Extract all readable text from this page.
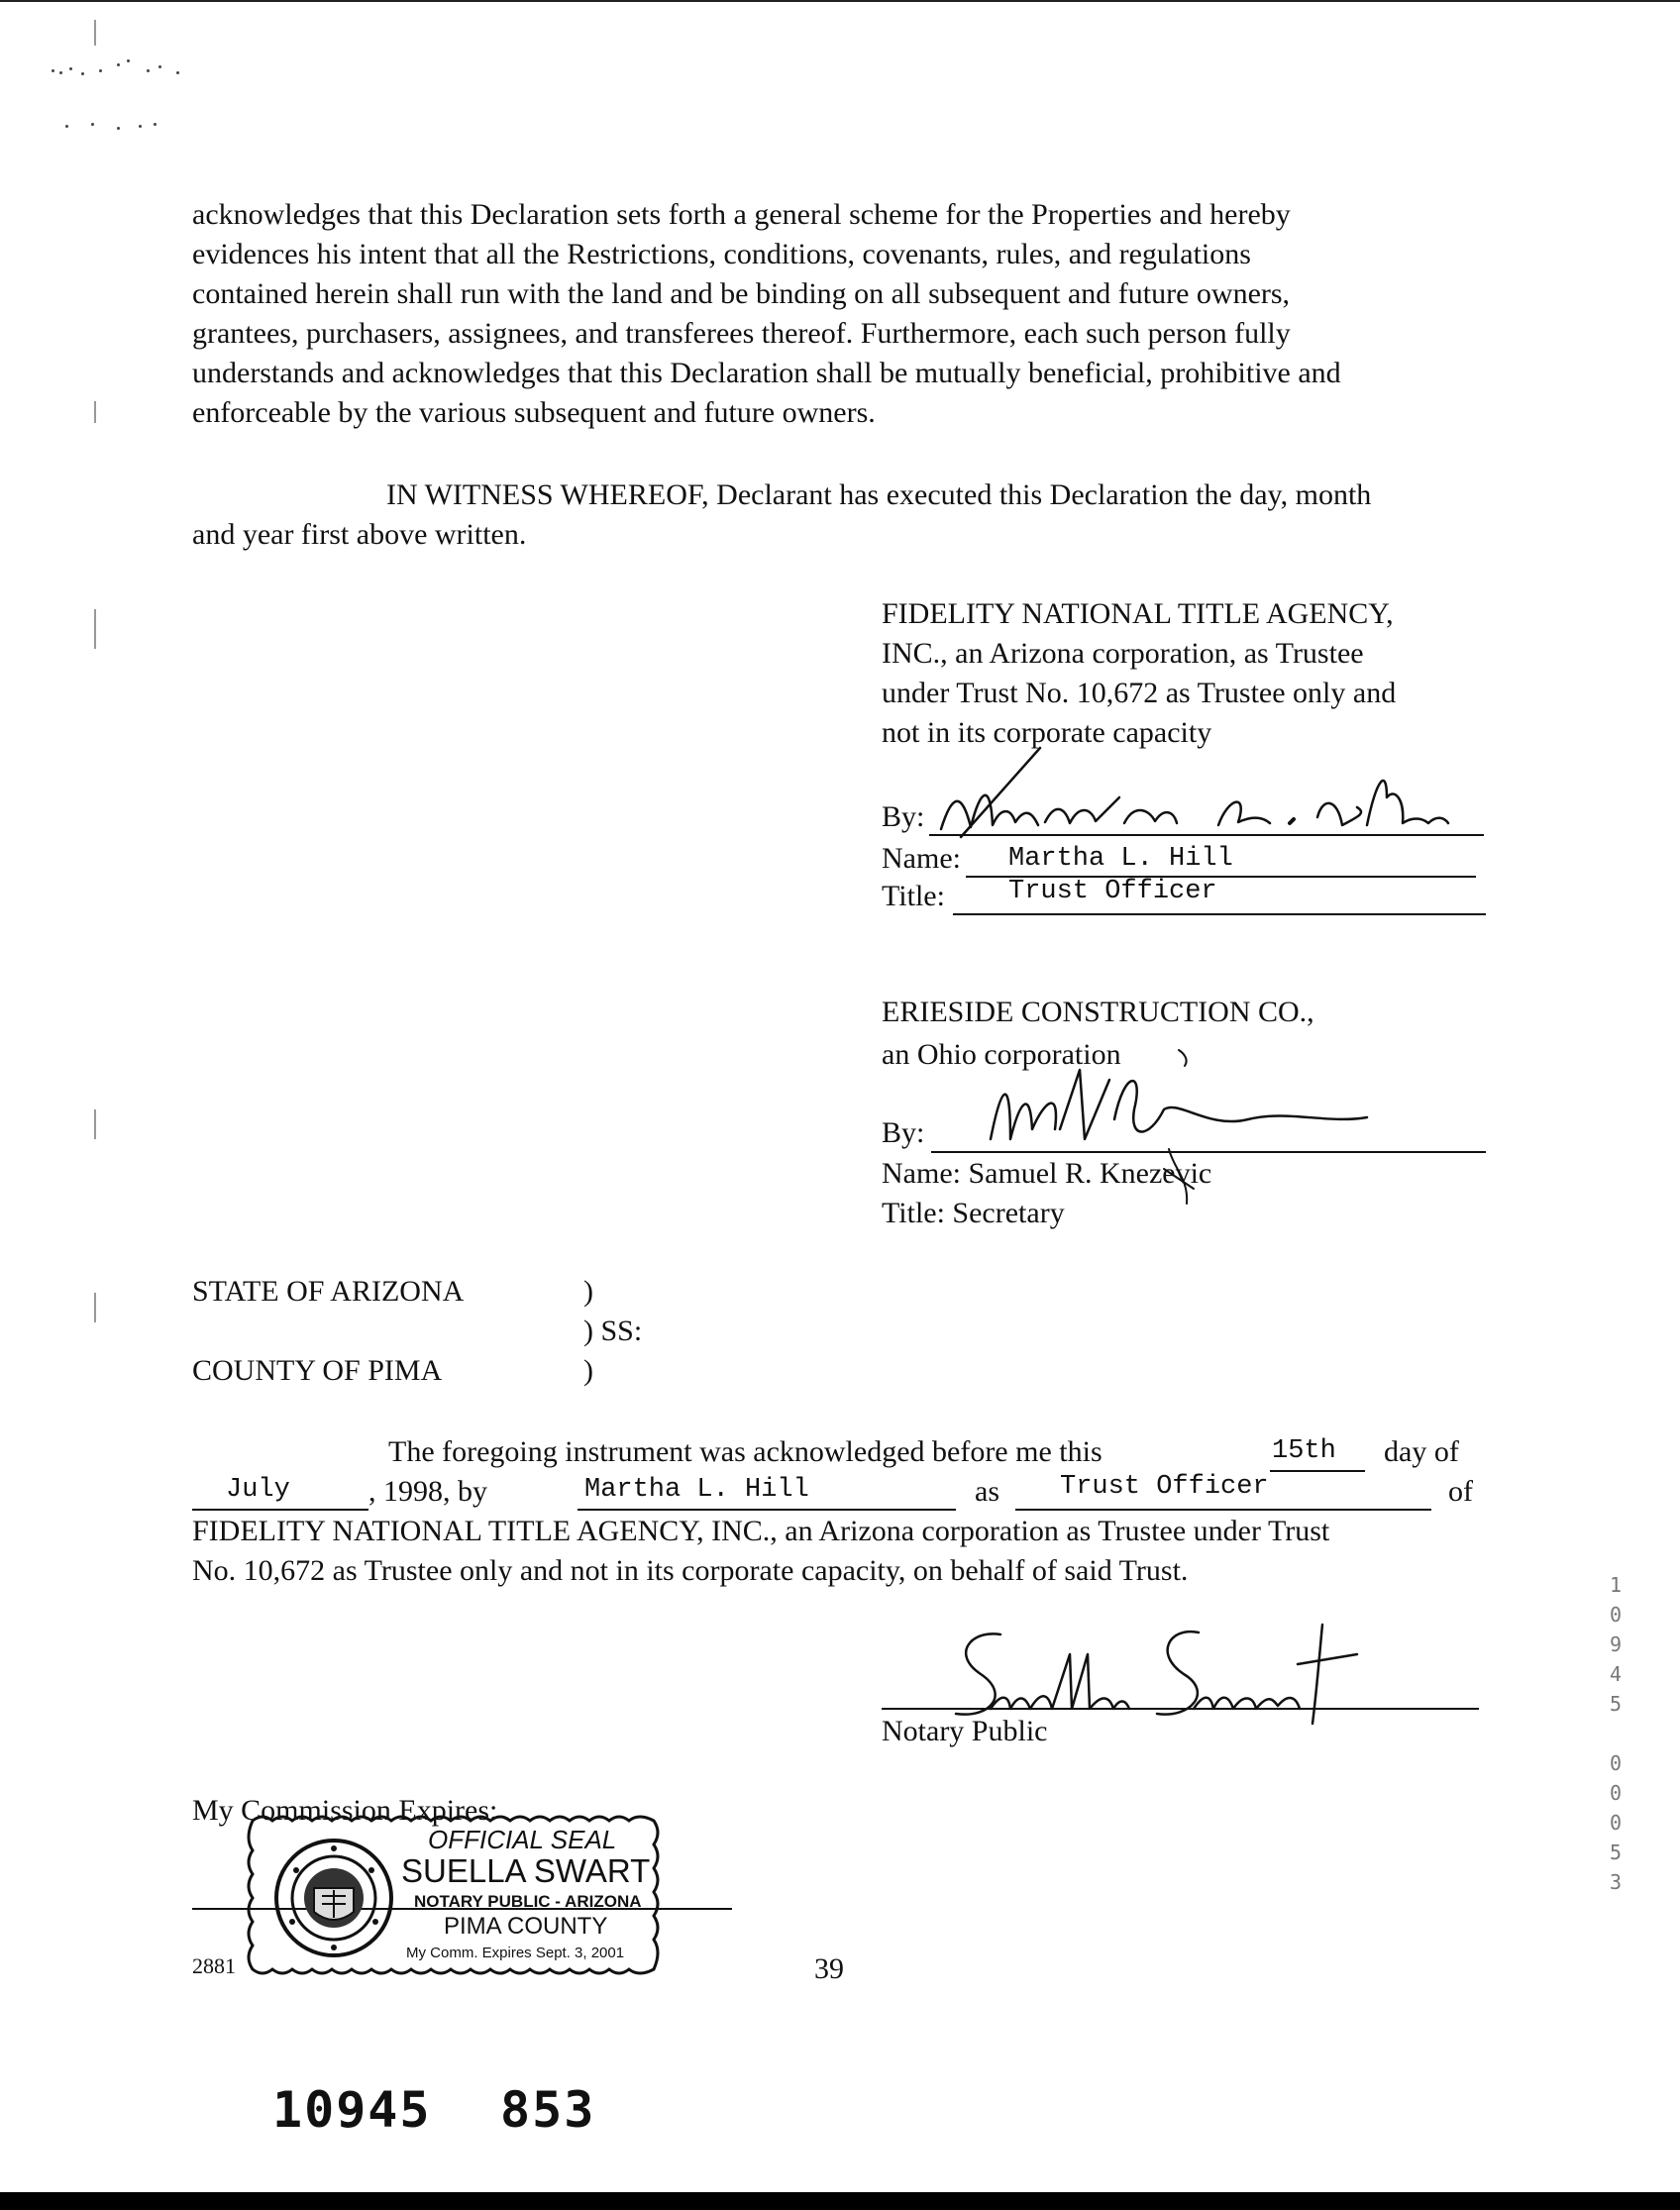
acknowledges that this Declaration sets forth a general scheme for the Properties and hereby
evidences his intent that all the Restrictions, conditions, covenants, rules, and regulations
contained herein shall run with the land and be binding on all subsequent and future owners,
grantees, purchasers, assignees, and transferees thereof. Furthermore, each such person fully
understands and acknowledges that this Declaration shall be mutually beneficial, prohibitive and
enforceable by the various subsequent and future owners.
IN WITNESS WHEREOF, Declarant has executed this Declaration the day, month
and year first above written.
FIDELITY NATIONAL TITLE AGENCY,
INC., an Arizona corporation, as Trustee
under Trust No. 10,672 as Trustee only and
not in its corporate capacity
By:
Name: Martha L. Hill
Title: Trust Officer
ERIESIDE CONSTRUCTION CO.,
an Ohio corporation
By:
Name: Samuel R. Knezevic
Title: Secretary
STATE OF ARIZONA	)
) SS:
COUNTY OF PIMA	)
The foregoing instrument was acknowledged before me this	15th day of
July	, 1998, by	Martha L. Hill	as Trust Officer	of
FIDELITY NATIONAL TITLE AGENCY, INC., an Arizona corporation as Trustee under Trust
No. 10,672 as Trustee only and not in its corporate capacity, on behalf of said Trust.
Notary Public
My Commission Expires:
OFFICIAL SEAL
SUELLA SWART
NOTARY PUBLIC - ARIZONA
PIMA COUNTY
My Comm. Expires Sept. 3, 2001
2881	39
10945 853
1
0
9
4
5
0
0
0
5
3
